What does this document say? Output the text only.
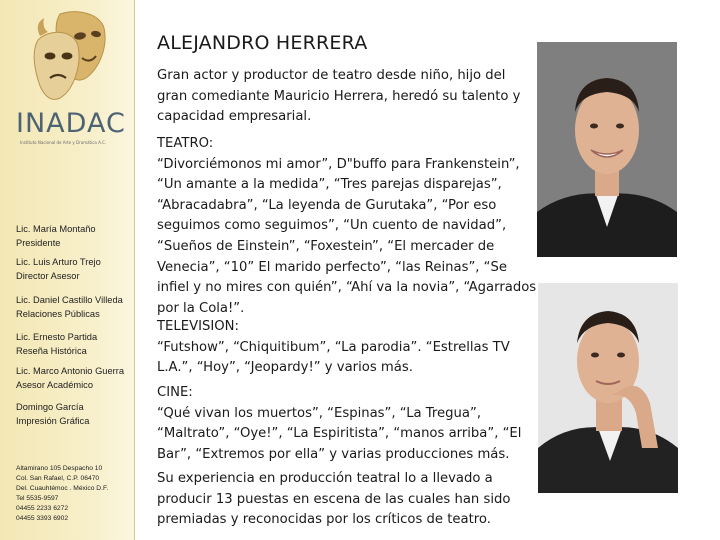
INADAC
Instituto Nacional de Arte y Dramática A.C.
Lic. María Montaño
Presidente
Lic. Luis Arturo Trejo
Director Asesor
Lic. Daniel Castillo Villeda
Relaciones Públicas
Lic. Ernesto Partida
Reseña Histórica
Lic. Marco Antonio Guerra
Asesor Académico
Domingo García
Impresión Gráfica
Altamirano 105 Despacho 10
Col. San Rafael, C.P. 06470
Del. Cuauhtémoc . México D.F.
Tel 5535-9597
04455 2233 6272
04455 3393 6902
ALEJANDRO HERRERA
Gran actor y productor de teatro desde niño, hijo del
gran comediante Mauricio Herrera, heredó su talento y
capacidad empresarial.
TEATRO:
“Divorciémonos mi amor”, D"buffo para Frankenstein”,
“Un amante a la medida”, “Tres parejas disparejas”,
“Abracadabra”, “La leyenda de Gurutaka”, “Por eso
seguimos como seguimos”, “Un cuento de navidad”,
“Sueños de Einstein”, “Foxestein”, “El mercader de
Venecia”, “10” El marido perfecto”, “las Reinas”, “Se
infiel y no mires con quién”, “Ahí va la novia”, “Agarrados
por la Cola!”.
TELEVISION:
“Futshow”, “Chiquitibum”, “La parodia”. “Estrellas TV
L.A.”, “Hoy”, “Jeopardy!” y varios más.
CINE:
“Qué vivan los muertos”, “Espinas”, “La Tregua”,
“Maltrato”, “Oye!”, “La Espiritista”, “manos arriba”, “El
Bar”, “Extremos por ella” y varias producciones más.
Su experiencia en producción teatral lo a llevado a
producir 13 puestas en escena de las cuales han sido
premiadas y reconocidas por los críticos de teatro.
